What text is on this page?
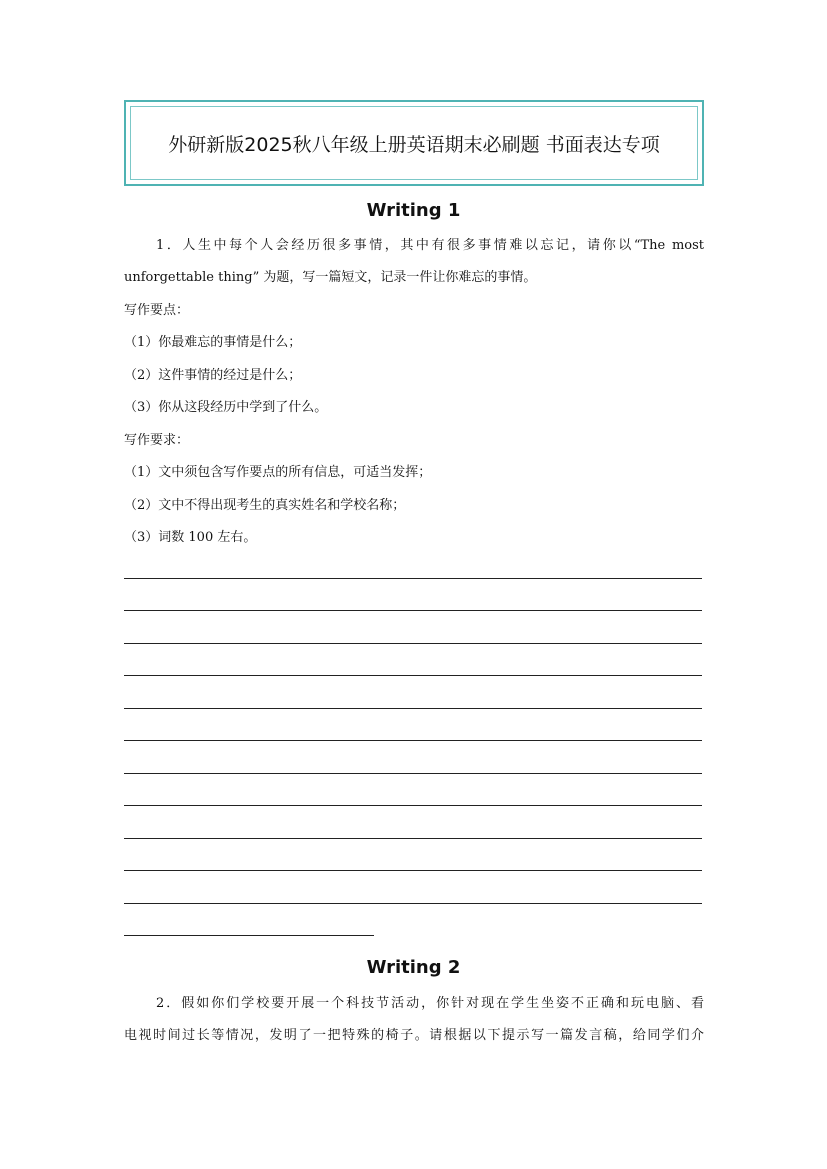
外研新版2025秋八年级上册英语期末必刷题 书面表达专项
Writing 1
1．人生中每个人会经历很多事情，其中有很多事情难以忘记，请你以“The most
unforgettable thing” 为题，写一篇短文，记录一件让你难忘的事情。
写作要点：
（1）你最难忘的事情是什么；
（2）这件事情的经过是什么；
（3）你从这段经历中学到了什么。
写作要求：
（1）文中须包含写作要点的所有信息，可适当发挥；
（2）文中不得出现考生的真实姓名和学校名称；
（3）词数 100 左右。
Writing 2
2．假如你们学校要开展一个科技节活动，你针对现在学生坐姿不正确和玩电脑、看
电视时间过长等情况，发明了一把特殊的椅子。请根据以下提示写一篇发言稿，给同学们介
